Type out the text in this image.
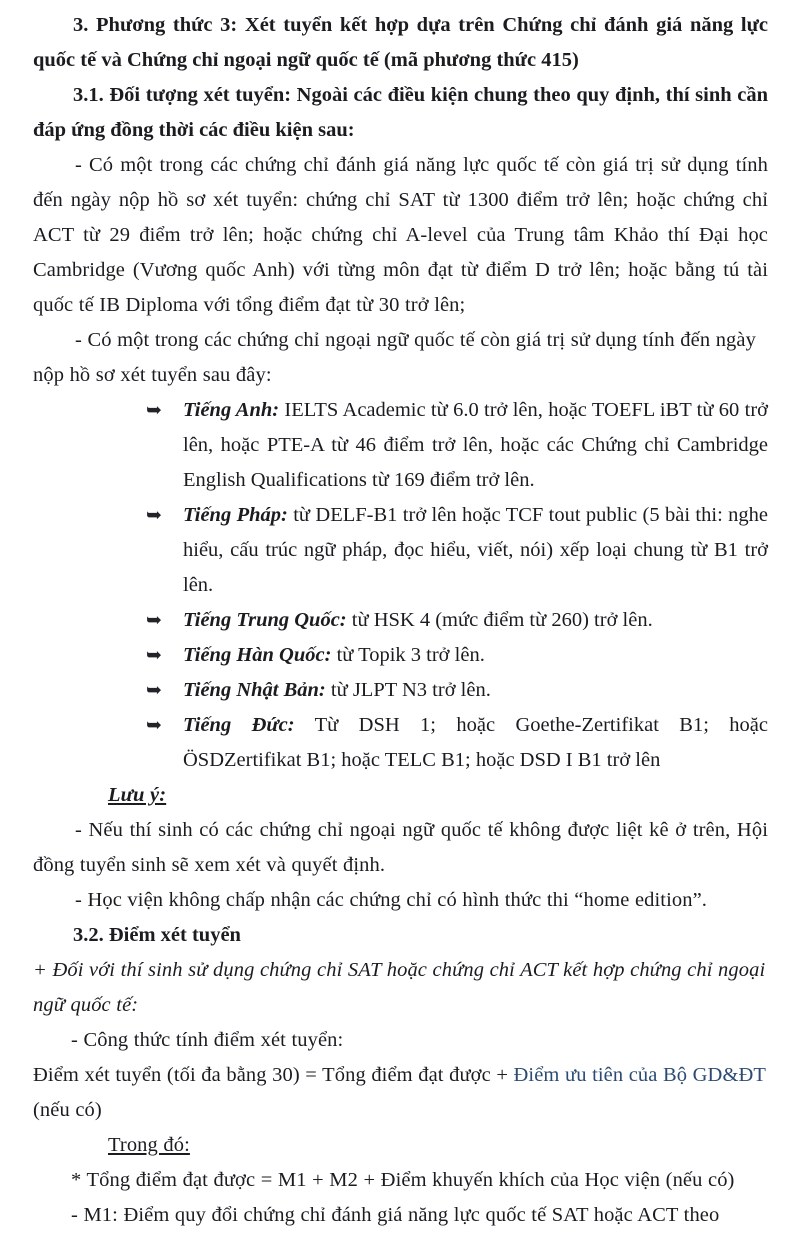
3. Phương thức 3: Xét tuyển kết hợp dựa trên Chứng chỉ đánh giá năng lực quốc tế và Chứng chỉ ngoại ngữ quốc tế (mã phương thức 415)

3.1. Đối tượng xét tuyển: Ngoài các điều kiện chung theo quy định, thí sinh cần đáp ứng đồng thời các điều kiện sau:

- Có một trong các chứng chỉ đánh giá năng lực quốc tế còn giá trị sử dụng tính đến ngày nộp hồ sơ xét tuyển: chứng chỉ SAT từ 1300 điểm trở lên; hoặc chứng chỉ ACT từ 29 điểm trở lên; hoặc chứng chỉ A-level của Trung tâm Khảo thí Đại học Cambridge (Vương quốc Anh) với từng môn đạt từ điểm D trở lên; hoặc bằng tú tài quốc tế IB Diploma với tổng điểm đạt từ 30 trở lên;

- Có một trong các chứng chỉ ngoại ngữ quốc tế còn giá trị sử dụng tính đến ngày nộp hồ sơ xét tuyển sau đây:

➥ Tiếng Anh: IELTS Academic từ 6.0 trở lên, hoặc TOEFL iBT từ 60 trở lên, hoặc PTE-A từ 46 điểm trở lên, hoặc các Chứng chỉ Cambridge English Qualifications từ 169 điểm trở lên.
➥ Tiếng Pháp: từ DELF-B1 trở lên hoặc TCF tout public (5 bài thi: nghe hiểu, cấu trúc ngữ pháp, đọc hiểu, viết, nói) xếp loại chung từ B1 trở lên.
➥ Tiếng Trung Quốc: từ HSK 4 (mức điểm từ 260) trở lên.
➥ Tiếng Hàn Quốc: từ Topik 3 trở lên.
➥ Tiếng Nhật Bản: từ JLPT N3 trở lên.
➥ Tiếng Đức: Từ DSH 1; hoặc Goethe-Zertifikat B1; hoặc ÖSDZertifikat B1; hoặc TELC B1; hoặc DSD I B1 trở lên

Lưu ý:

- Nếu thí sinh có các chứng chỉ ngoại ngữ quốc tế không được liệt kê ở trên, Hội đồng tuyển sinh sẽ xem xét và quyết định.

- Học viện không chấp nhận các chứng chỉ có hình thức thi “home edition”.

3.2. Điểm xét tuyển

+ Đối với thí sinh sử dụng chứng chỉ SAT hoặc chứng chỉ ACT kết hợp chứng chỉ ngoại ngữ quốc tế:

- Công thức tính điểm xét tuyển:

Điểm xét tuyển (tối đa bằng 30) = Tổng điểm đạt được + Điểm ưu tiên của Bộ GD&ĐT

(nếu có)

Trong đó:

* Tổng điểm đạt được = M1 + M2 + Điểm khuyến khích của Học viện (nếu có)

- M1: Điểm quy đổi chứng chỉ đánh giá năng lực quốc tế SAT hoặc ACT theo
